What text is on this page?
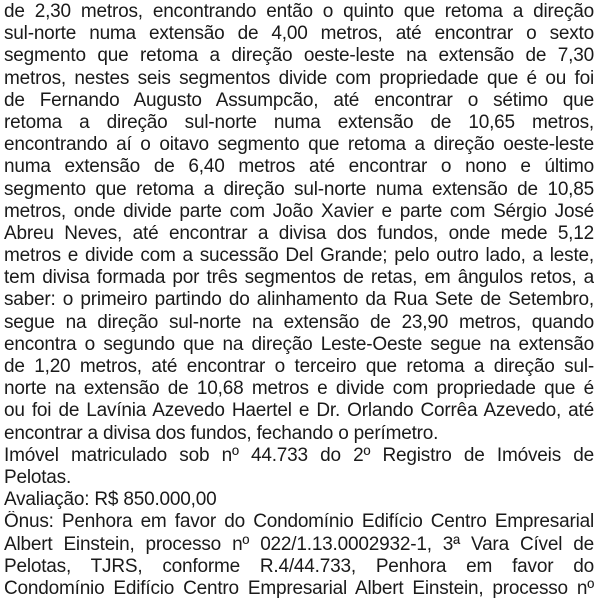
de 2,30 metros, encontrando então o quinto que retoma a direção
sul-norte numa extensão de 4,00 metros, até encontrar o sexto
segmento que retoma a direção oeste-leste na extensão de 7,30
metros, nestes seis segmentos divide com propriedade que é ou foi
de Fernando Augusto Assumpcão, até encontrar o sétimo que
retoma a direção sul-norte numa extensão de 10,65 metros,
encontrando aí o oitavo segmento que retoma a direção oeste-leste
numa extensão de 6,40 metros até encontrar o nono e último
segmento que retoma a direção sul-norte numa extensão de 10,85
metros, onde divide parte com João Xavier e parte com Sérgio José
Abreu Neves, até encontrar a divisa dos fundos, onde mede 5,12
metros e divide com a sucessão Del Grande; pelo outro lado, a leste,
tem divisa formada por três segmentos de retas, em ângulos retos, a
saber: o primeiro partindo do alinhamento da Rua Sete de Setembro,
segue na direção sul-norte na extensão de 23,90 metros, quando
encontra o segundo que na direção Leste-Oeste segue na extensão
de 1,20 metros, até encontrar o terceiro que retoma a direção sul-
norte na extensão de 10,68 metros e divide com propriedade que é
ou foi de Lavínia Azevedo Haertel e Dr. Orlando Corrêa Azevedo, até
encontrar a divisa dos fundos, fechando o perímetro.
Imóvel matriculado sob nº 44.733 do 2º Registro de Imóveis de
Pelotas.
Avaliação: R$ 850.000,00
Ônus: Penhora em favor do Condomínio Edifício Centro Empresarial
Albert Einstein, processo nº 022/1.13.0002932-1, 3ª Vara Cível de
Pelotas, TJRS, conforme R.4/44.733, Penhora em favor do
Condomínio Edifício Centro Empresarial Albert Einstein, processo nº
